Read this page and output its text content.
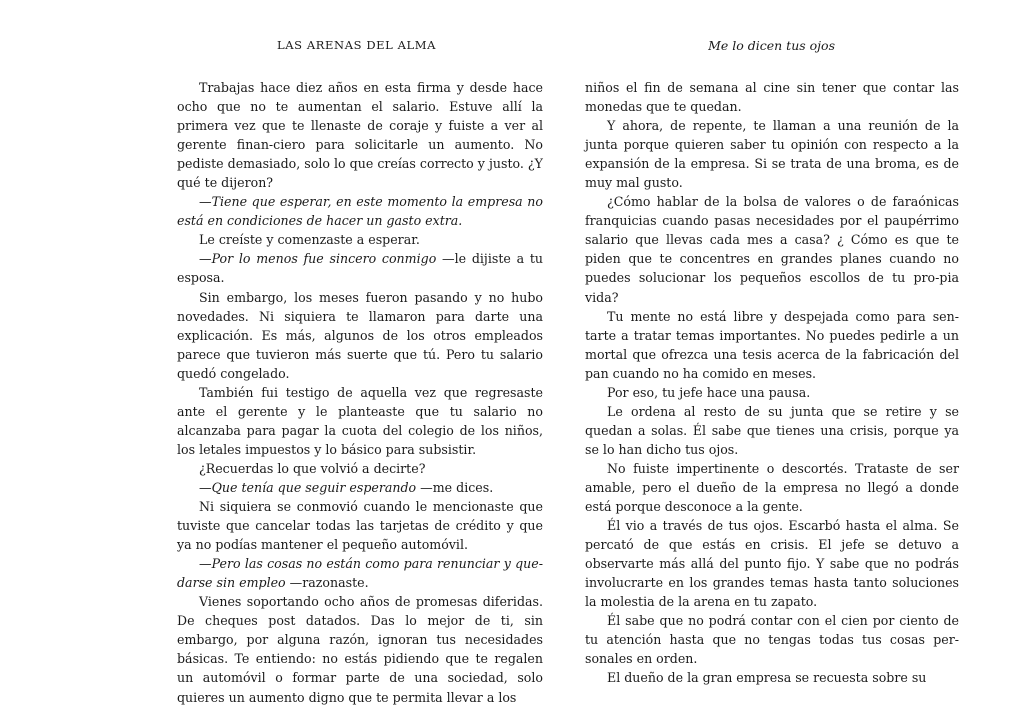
LAS ARENAS DEL ALMA

Trabajas hace diez años en esta firma y desde hace ocho que no te aumentan el salario. Estuve allí la primera vez que te llenaste de coraje y fuiste a ver al gerente finan-ciero para solicitarle un aumento. No pediste demasiado, solo lo que creías correcto y justo. ¿Y qué te dijeron?

—Tiene que esperar, en este momento la empresa no está en condiciones de hacer un gasto extra.

Le creíste y comenzaste a esperar.

—Por lo menos fue sincero conmigo —le dijiste a tu esposa.

Sin embargo, los meses fueron pasando y no hubo novedades. Ni siquiera te llamaron para darte una explicación. Es más, algunos de los otros empleados parece que tuvieron más suerte que tú. Pero tu salario quedó congelado.

También fui testigo de aquella vez que regresaste ante el gerente y le planteaste que tu salario no alcanzaba para pagar la cuota del colegio de los niños, los letales impuestos y lo básico para subsistir.

¿Recuerdas lo que volvió a decirte?

—Que tenía que seguir esperando —me dices.

Ni siquiera se conmovió cuando le mencionaste que tuviste que cancelar todas las tarjetas de crédito y que ya no podías mantener el pequeño automóvil.

—Pero las cosas no están como para renunciar y que-darse sin empleo —razonaste.

Vienes soportando ocho años de promesas diferidas. De cheques post datados. Das lo mejor de ti, sin embargo, por alguna razón, ignoran tus necesidades básicas. Te entiendo: no estás pidiendo que te regalen un automóvil o formar parte de una sociedad, solo quieres un aumento digno que te permita llevar a los

Me lo dicen tus ojos

niños el fin de semana al cine sin tener que contar las monedas que te quedan.

Y ahora, de repente, te llaman a una reunión de la junta porque quieren saber tu opinión con respecto a la expansión de la empresa. Si se trata de una broma, es de muy mal gusto.

¿Cómo hablar de la bolsa de valores o de faraónicas franquicias cuando pasas necesidades por el paupérrimo salario que llevas cada mes a casa? ¿ Cómo es que te piden que te concentres en grandes planes cuando no puedes solucionar los pequeños escollos de tu pro-pia vida?

Tu mente no está libre y despejada como para sen-tarte a tratar temas importantes. No puedes pedirle a un mortal que ofrezca una tesis acerca de la fabricación del pan cuando no ha comido en meses.

Por eso, tu jefe hace una pausa.

Le ordena al resto de su junta que se retire y se quedan a solas. Él sabe que tienes una crisis, porque ya se lo han dicho tus ojos.

No fuiste impertinente o descortés. Trataste de ser amable, pero el dueño de la empresa no llegó a donde está porque desconoce a la gente.

Él vio a través de tus ojos. Escarbó hasta el alma. Se percató de que estás en crisis. El jefe se detuvo a observarte más allá del punto fijo. Y sabe que no podrás involucrarte en los grandes temas hasta tanto soluciones la molestia de la arena en tu zapato.

Él sabe que no podrá contar con el cien por ciento de tu atención hasta que no tengas todas tus cosas per-sonales en orden.

El dueño de la gran empresa se recuesta sobre su
